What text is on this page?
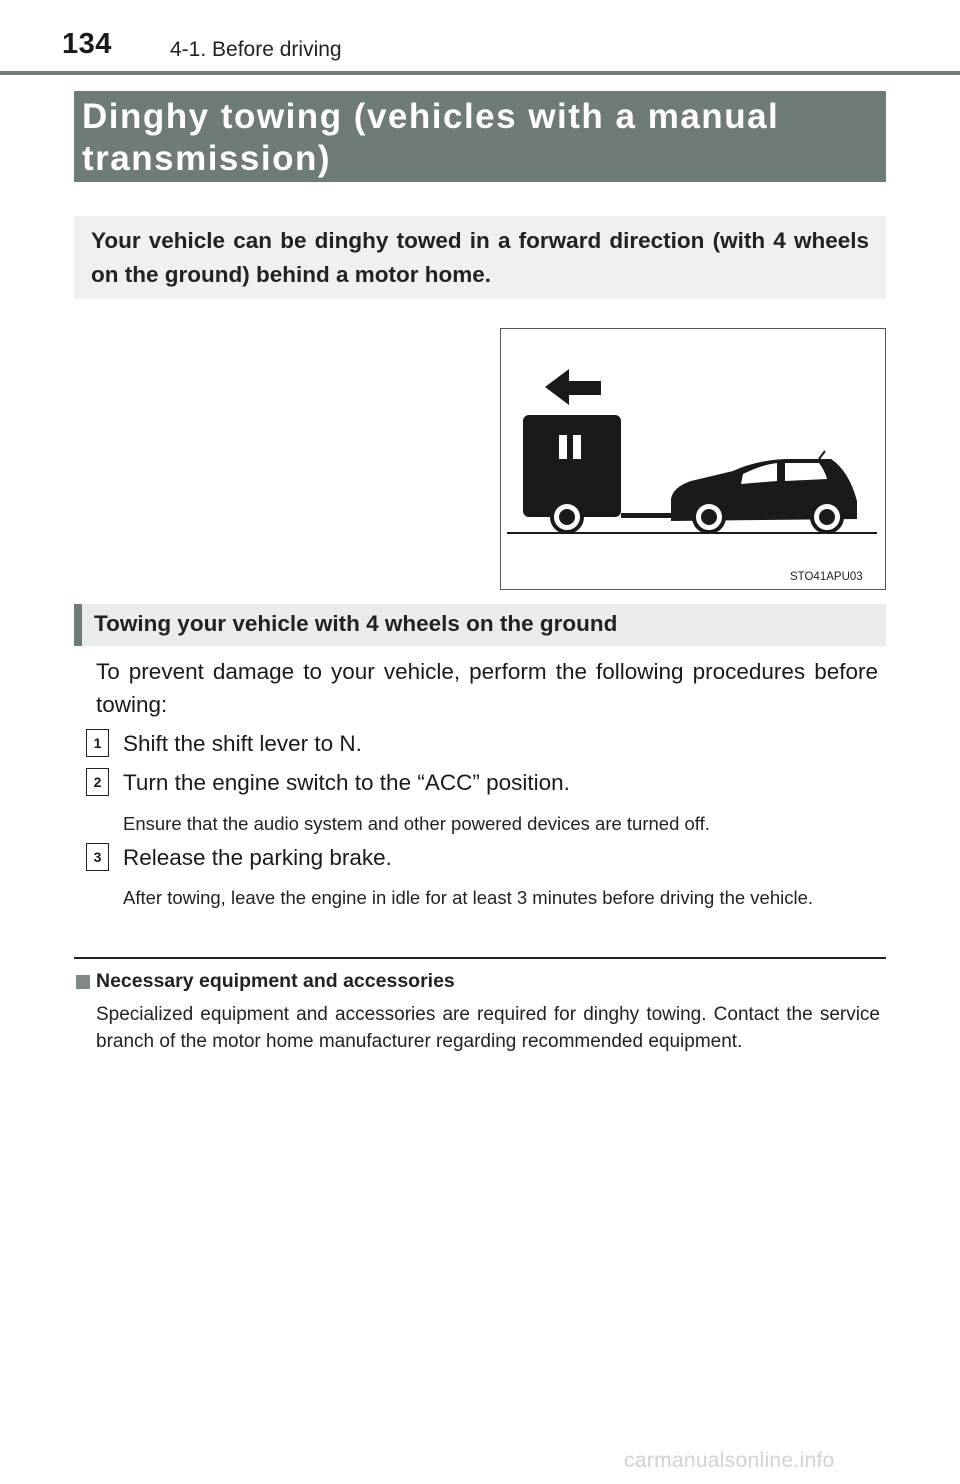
134	4-1. Before driving
Dinghy towing (vehicles with a manual transmission)
Your vehicle can be dinghy towed in a forward direction (with 4 wheels on the ground) behind a motor home.
STO41APU03
Towing your vehicle with 4 wheels on the ground
To prevent damage to your vehicle, perform the following procedures before towing:
1 Shift the shift lever to N.
2 Turn the engine switch to the “ACC” position.
Ensure that the audio system and other powered devices are turned off.
3 Release the parking brake.
After towing, leave the engine in idle for at least 3 minutes before driving the vehicle.
Necessary equipment and accessories
Specialized equipment and accessories are required for dinghy towing. Contact the service branch of the motor home manufacturer regarding recommended equipment.
carmanualsonline.info
